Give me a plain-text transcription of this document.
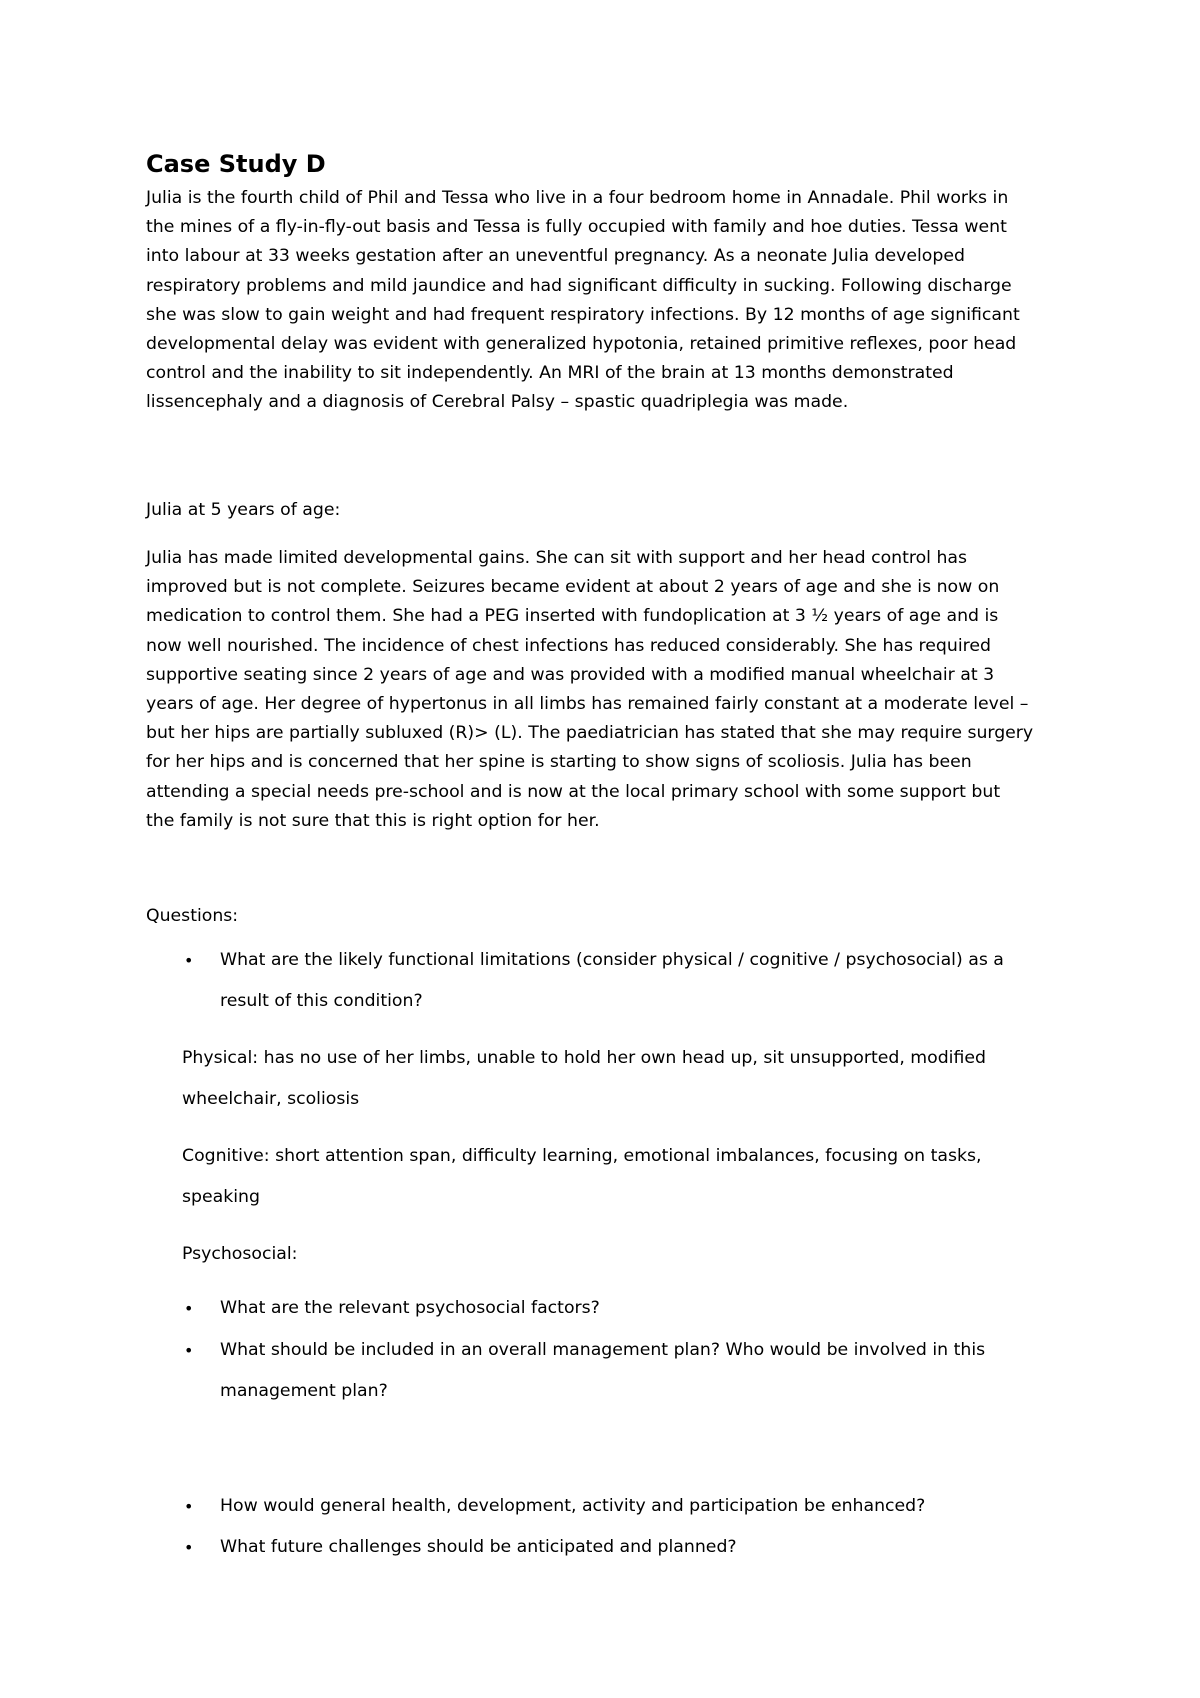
Case Study D
Julia is the fourth child of Phil and Tessa who live in a four bedroom home in Annadale. Phil works in
the mines of a fly-in-fly-out basis and Tessa is fully occupied with family and hoe duties. Tessa went
into labour at 33 weeks gestation after an uneventful pregnancy. As a neonate Julia developed
respiratory problems and mild jaundice and had significant difficulty in sucking. Following discharge
she was slow to gain weight and had frequent respiratory infections. By 12 months of age significant
developmental delay was evident with generalized hypotonia, retained primitive reflexes, poor head
control and the inability to sit independently. An MRI of the brain at 13 months demonstrated
lissencephaly and a diagnosis of Cerebral Palsy – spastic quadriplegia was made.
Julia at 5 years of age:
Julia has made limited developmental gains. She can sit with support and her head control has
improved but is not complete. Seizures became evident at about 2 years of age and she is now on
medication to control them. She had a PEG inserted with fundoplication at 3 ½ years of age and is
now well nourished. The incidence of chest infections has reduced considerably. She has required
supportive seating since 2 years of age and was provided with a modified manual wheelchair at 3
years of age. Her degree of hypertonus in all limbs has remained fairly constant at a moderate level –
but her hips are partially subluxed (R)> (L). The paediatrician has stated that she may require surgery
for her hips and is concerned that her spine is starting to show signs of scoliosis. Julia has been
attending a special needs pre-school and is now at the local primary school with some support but
the family is not sure that this is right option for her.
Questions:
•	What are the likely functional limitations (consider physical / cognitive / psychosocial) as a
result of this condition?
Physical: has no use of her limbs, unable to hold her own head up, sit unsupported, modified
wheelchair, scoliosis
Cognitive: short attention span, difficulty learning, emotional imbalances, focusing on tasks,
speaking
Psychosocial:
•	What are the relevant psychosocial factors?
•	What should be included in an overall management plan? Who would be involved in this
management plan?
•	How would general health, development, activity and participation be enhanced?
•	What future challenges should be anticipated and planned?
